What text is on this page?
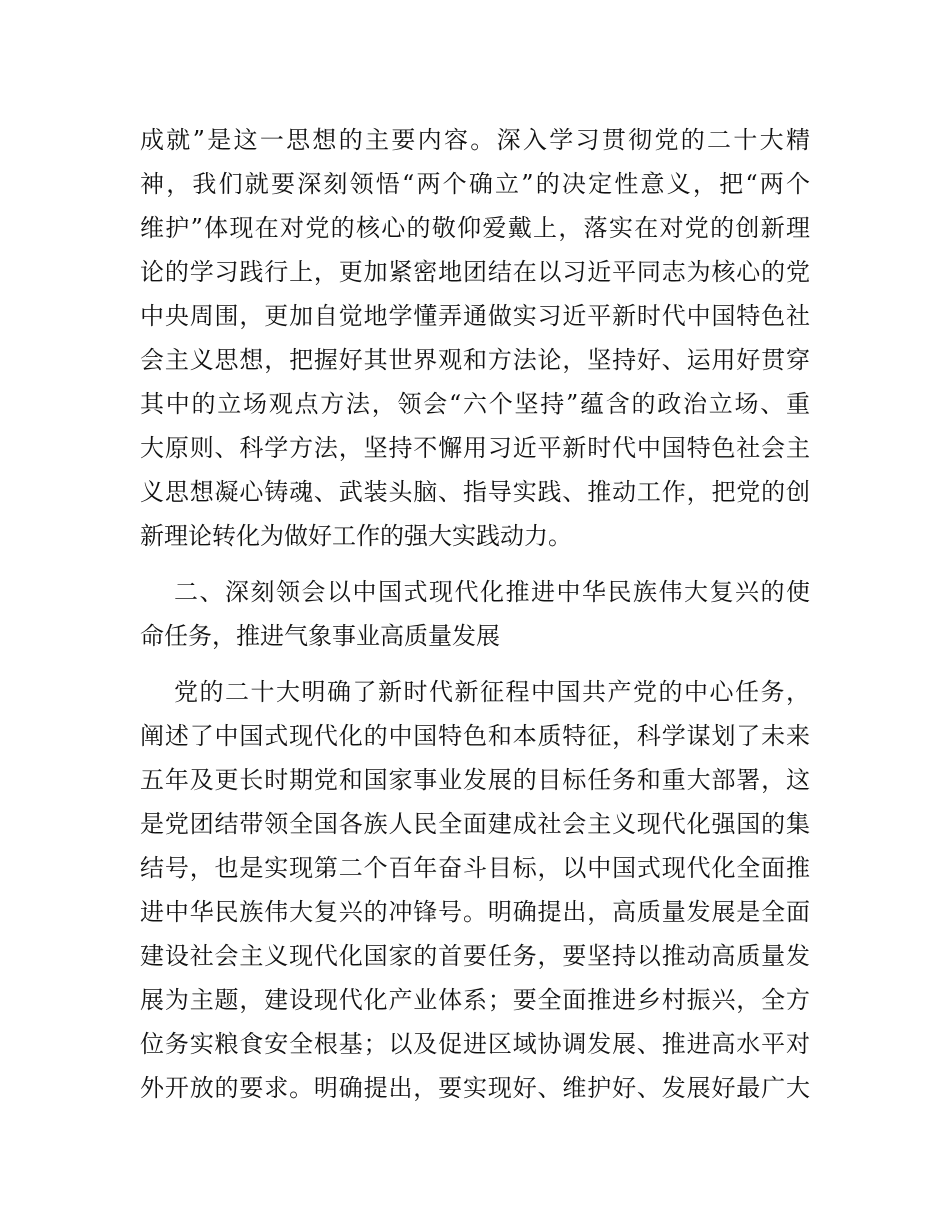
成就”是这一思想的主要内容。深入学习贯彻党的二十大精
神，我们就要深刻领悟“两个确立”的决定性意义，把“两个
维护”体现在对党的核心的敬仰爱戴上，落实在对党的创新理
论的学习践行上，更加紧密地团结在以习近平同志为核心的党
中央周围，更加自觉地学懂弄通做实习近平新时代中国特色社
会主义思想，把握好其世界观和方法论，坚持好、运用好贯穿
其中的立场观点方法，领会“六个坚持”蕴含的政治立场、重
大原则、科学方法，坚持不懈用习近平新时代中国特色社会主
义思想凝心铸魂、武装头脑、指导实践、推动工作，把党的创
新理论转化为做好工作的强大实践动力。
二、深刻领会以中国式现代化推进中华民族伟大复兴的使
命任务，推进气象事业高质量发展
党的二十大明确了新时代新征程中国共产党的中心任务，
阐述了中国式现代化的中国特色和本质特征，科学谋划了未来
五年及更长时期党和国家事业发展的目标任务和重大部署，这
是党团结带领全国各族人民全面建成社会主义现代化强国的集
结号，也是实现第二个百年奋斗目标，以中国式现代化全面推
进中华民族伟大复兴的冲锋号。明确提出，高质量发展是全面
建设社会主义现代化国家的首要任务，要坚持以推动高质量发
展为主题，建设现代化产业体系；要全面推进乡村振兴，全方
位务实粮食安全根基；以及促进区域协调发展、推进高水平对
外开放的要求。明确提出，要实现好、维护好、发展好最广大
